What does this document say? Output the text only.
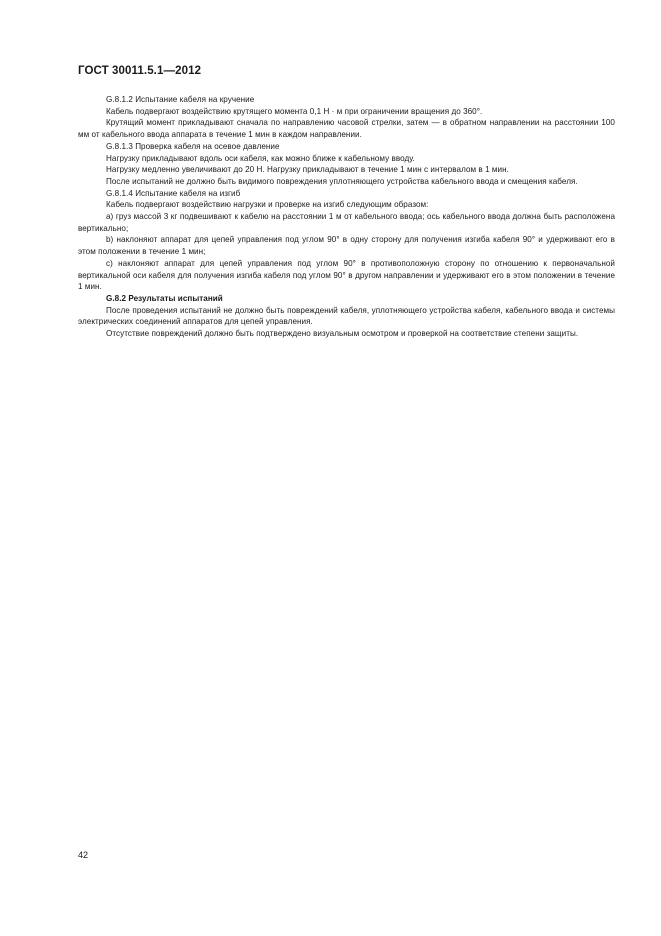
ГОСТ 30011.5.1—2012

G.8.1.2 Испытание кабеля на кручение

Кабель подвергают воздействию крутящего момента 0,1 Н · м при ограничении вращения до 360°.

Крутящий момент прикладывают сначала по направлению часовой стрелки, затем — в обратном направлении на расстоянии 100 мм от кабельного ввода аппарата в течение 1 мин в каждом направлении.

G.8.1.3 Проверка кабеля на осевое давление

Нагрузку прикладывают вдоль оси кабеля, как можно ближе к кабельному вводу.

Нагрузку медленно увеличивают до 20 Н. Нагрузку прикладывают в течение 1 мин с интервалом в 1 мин.

После испытаний не должно быть видимого повреждения уплотняющего устройства кабельного ввода и смещения кабеля.

G.8.1.4 Испытание кабеля на изгиб

Кабель подвергают воздействию нагрузки и проверке на изгиб следующим образом:

а) груз массой 3 кг подвешивают к кабелю на расстоянии 1 м от кабельного ввода; ось кабельного ввода должна быть расположена вертикально;

b) наклоняют аппарат для цепей управления под углом 90° в одну сторону для получения изгиба кабеля 90° и удерживают его в этом положении в течение 1 мин;

с) наклоняют аппарат для цепей управления под углом 90° в противоположную сторону по отношению к первоначальной вертикальной оси кабеля для получения изгиба кабеля под углом 90° в другом направлении и удерживают его в этом положении в течение 1 мин.

G.8.2 Результаты испытаний

После проведения испытаний не должно быть повреждений кабеля, уплотняющего устройства кабеля, кабельного ввода и системы электрических соединений аппаратов для цепей управления.

Отсутствие повреждений должно быть подтверждено визуальным осмотром и проверкой на соответствие степени защиты.

42
